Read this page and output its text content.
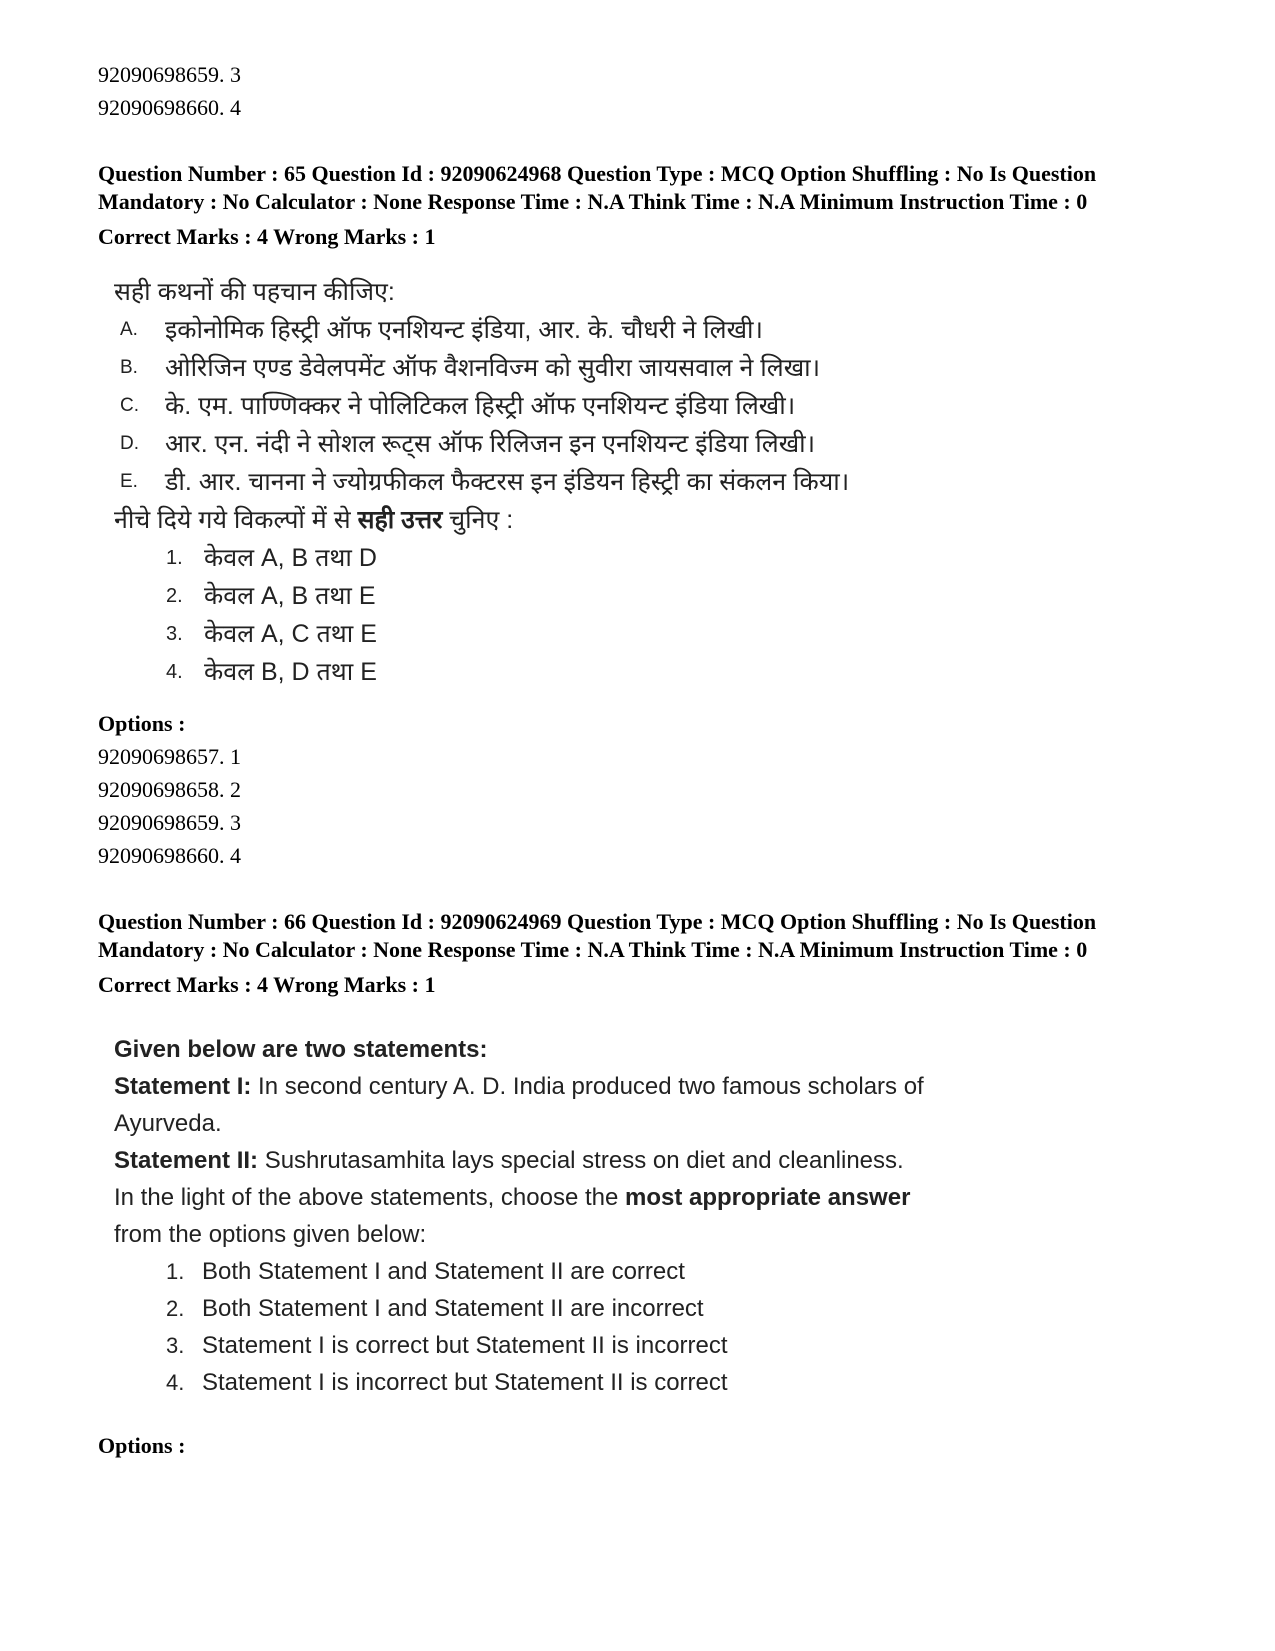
92090698659. 3
92090698660. 4
Question Number : 65 Question Id : 92090624968 Question Type : MCQ Option Shuffling : No Is Question Mandatory : No Calculator : None Response Time : N.A Think Time : N.A Minimum Instruction Time : 0
Correct Marks : 4 Wrong Marks : 1
सही कथनों की पहचान कीजिए:
A.	इकोनोमिक हिस्ट्री ऑफ एनशियन्ट इंडिया, आर. के. चौधरी ने लिखी।
B.	ओरिजिन एण्ड डेवेलपमेंट ऑफ वैशनविज्म को सुवीरा जायसवाल ने लिखा।
C.	के. एम. पाण्णिक्कर ने पोलिटिकल हिस्ट्री ऑफ एनशियन्ट इंडिया लिखी।
D.	आर. एन. नंदी ने सोशल रूट्स ऑफ रिलिजन इन एनशियन्ट इंडिया लिखी।
E.	डी. आर. चानना ने ज्योग्रफीकल फैक्टरस इन इंडियन हिस्ट्री का संकलन किया।
नीचे दिये गये विकल्पों में से सही उत्तर चुनिए :
1. केवल A, B तथा D
2. केवल A, B तथा E
3. केवल A, C तथा E
4. केवल B, D तथा E
Options :
92090698657. 1
92090698658. 2
92090698659. 3
92090698660. 4
Question Number : 66 Question Id : 92090624969 Question Type : MCQ Option Shuffling : No Is Question Mandatory : No Calculator : None Response Time : N.A Think Time : N.A Minimum Instruction Time : 0
Correct Marks : 4 Wrong Marks : 1
Given below are two statements:
Statement I: In second century A. D. India produced two famous scholars of Ayurveda.
Statement II: Sushrutasamhita lays special stress on diet and cleanliness.
In the light of the above statements, choose the most appropriate answer from the options given below:
1. Both Statement I and Statement II are correct
2. Both Statement I and Statement II are incorrect
3. Statement I is correct but Statement II is incorrect
4. Statement I is incorrect but Statement II is correct
Options :
